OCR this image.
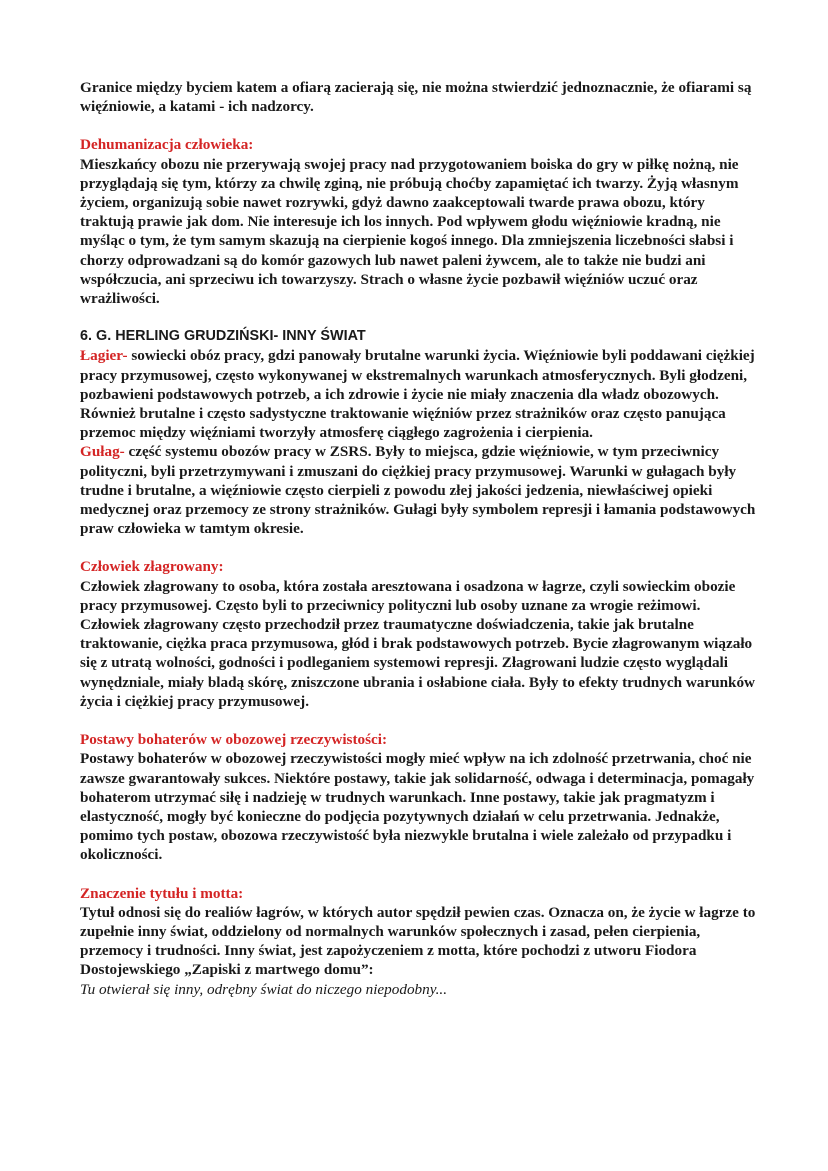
Granice między byciem katem a ofiarą zacierają się, nie można stwierdzić jednoznacznie, że ofiarami są więźniowie, a katami - ich nadzorcy.

Dehumanizacja człowieka:

Mieszkańcy obozu nie przerywają swojej pracy nad przygotowaniem boiska do gry w piłkę nożną, nie przyglądają się tym, którzy za chwilę zginą, nie próbują choćby zapamiętać ich twarzy. Żyją własnym życiem, organizują sobie nawet rozrywki, gdyż dawno zaakceptowali twarde prawa obozu, który traktują prawie jak dom. Nie interesuje ich los innych. Pod wpływem głodu więźniowie kradną, nie myśląc o tym, że tym samym skazują na cierpienie kogoś innego. Dla zmniejszenia liczebności słabsi i chorzy odprowadzani są do komór gazowych lub nawet paleni żywcem, ale to także nie budzi ani współczucia, ani sprzeciwu ich towarzyszy. Strach o własne życie pozbawił więźniów uczuć oraz wrażliwości.

6. G. HERLING GRUDZIŃSKI- INNY ŚWIAT

Łagier- sowiecki obóz pracy, gdzi panowały brutalne warunki życia. Więźniowie byli poddawani ciężkiej pracy przymusowej, często wykonywanej w ekstremalnych warunkach atmosferycznych. Byli głodzeni, pozbawieni podstawowych potrzeb, a ich zdrowie i życie nie miały znaczenia dla władz obozowych. Również brutalne i często sadystyczne traktowanie więźniów przez strażników oraz często panująca przemoc między więźniami tworzyły atmosferę ciągłego zagrożenia i cierpienia.

Gułag- część systemu obozów pracy w ZSRS. Były to miejsca, gdzie więźniowie, w tym przeciwnicy polityczni, byli przetrzymywani i zmuszani do ciężkiej pracy przymusowej. Warunki w gułagach były trudne i brutalne, a więźniowie często cierpieli z powodu złej jakości jedzenia, niewłaściwej opieki medycznej oraz przemocy ze strony strażników. Gułagi były symbolem represji i łamania podstawowych praw człowieka w tamtym okresie.

Człowiek złagrowany:

Człowiek złagrowany to osoba, która została aresztowana i osadzona w łagrze, czyli sowieckim obozie pracy przymusowej. Często byli to przeciwnicy polityczni lub osoby uznane za wrogie reżimowi. Człowiek złagrowany często przechodził przez traumatyczne doświadczenia, takie jak brutalne traktowanie, ciężka praca przymusowa, głód i brak podstawowych potrzeb. Bycie złagrowanym wiązało się z utratą wolności, godności i podleganiem systemowi represji. Złagrowani ludzie często wyglądali wynędzniale, miały bladą skórę, zniszczone ubrania i osłabione ciała. Były to efekty trudnych warunków życia i ciężkiej pracy przymusowej.

Postawy bohaterów w obozowej rzeczywistości:

Postawy bohaterów w obozowej rzeczywistości mogły mieć wpływ na ich zdolność przetrwania, choć nie zawsze gwarantowały sukces. Niektóre postawy, takie jak solidarność, odwaga i determinacja, pomagały bohaterom utrzymać siłę i nadzieję w trudnych warunkach. Inne postawy, takie jak pragmatyzm i elastyczność, mogły być konieczne do podjęcia pozytywnych działań w celu przetrwania. Jednakże, pomimo tych postaw, obozowa rzeczywistość była niezwykle brutalna i wiele zależało od przypadku i okoliczności.

Znaczenie tytułu i motta:

Tytuł odnosi się do realiów łagrów, w których autor spędził pewien czas. Oznacza on, że życie w łagrze to zupełnie inny świat, oddzielony od normalnych warunków społecznych i zasad, pełen cierpienia, przemocy i trudności. Inny świat, jest zapożyczeniem z motta, które pochodzi z utworu Fiodora Dostojewskiego „Zapiski z martwego domu”:

Tu otwierał się inny, odrębny świat do niczego niepodobny...
